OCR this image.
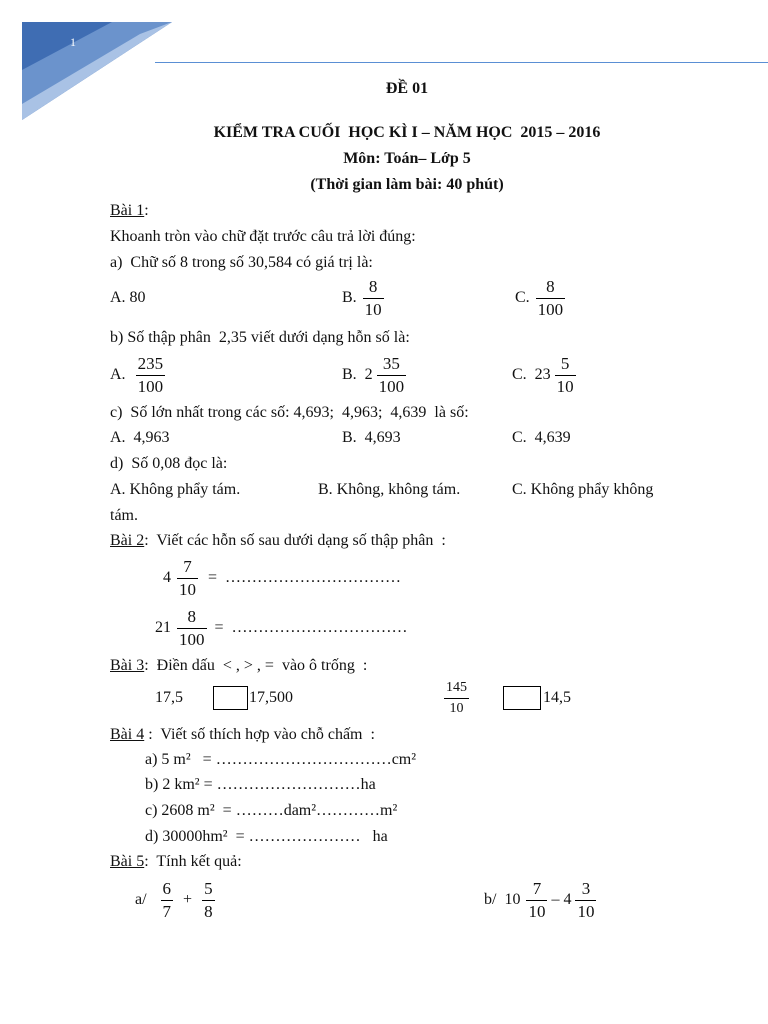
1
ĐỀ 01
KIỂM TRA CUỐI  HỌC KÌ I – NĂM HỌC  2015 – 2016
Môn: Toán– Lớp 5
(Thời gian làm bài: 40 phút)
Bài 1:
Khoanh tròn vào chữ đặt trước câu trả lời đúng:
a)  Chữ số 8 trong số 30,584 có giá trị là:
A. 80	B. $\frac{8}{10}$	C. $\frac{8}{100}$
b) Số thập phân  2,35 viết dưới dạng hỗn số là:
A. $\frac{235}{100}$	B. $2 \frac{35}{100}$	C. $23 \frac{5}{10}$
c)  Số lớn nhất trong các số: 4,693;  4,963;  4,639  là số:
A.  4,963	B.  4,693	C.  4,639
d)  Số 0,08 đọc là:
A. Không phẩy tám.	B. Không, không tám.	C. Không phẩy không
tám.
Bài 2:  Viết các hỗn số sau dưới dạng số thập phân  :
$4 \frac{7}{10}$ = ……………………………
$21 \frac{8}{100}$ = ……………………………
Bài 3:  Điền dấu  < , > , =  vào ô trống  :
17,5	17,500	$\frac{145}{10}$	14,5
Bài 4 :  Viết số thích hợp vào chỗ chấm  :
a) 5 m²   = ……………………………cm²
b) 2 km² = ………………………ha
c) 2608 m²  = ………dam²…………m²
d) 30000hm²  = …………………   ha
Bài 5:  Tính kết quả:
$a/ \frac{6}{7} + \frac{5}{8}$	b/ $10 \frac{7}{10} - 4 \frac{3}{10}$
